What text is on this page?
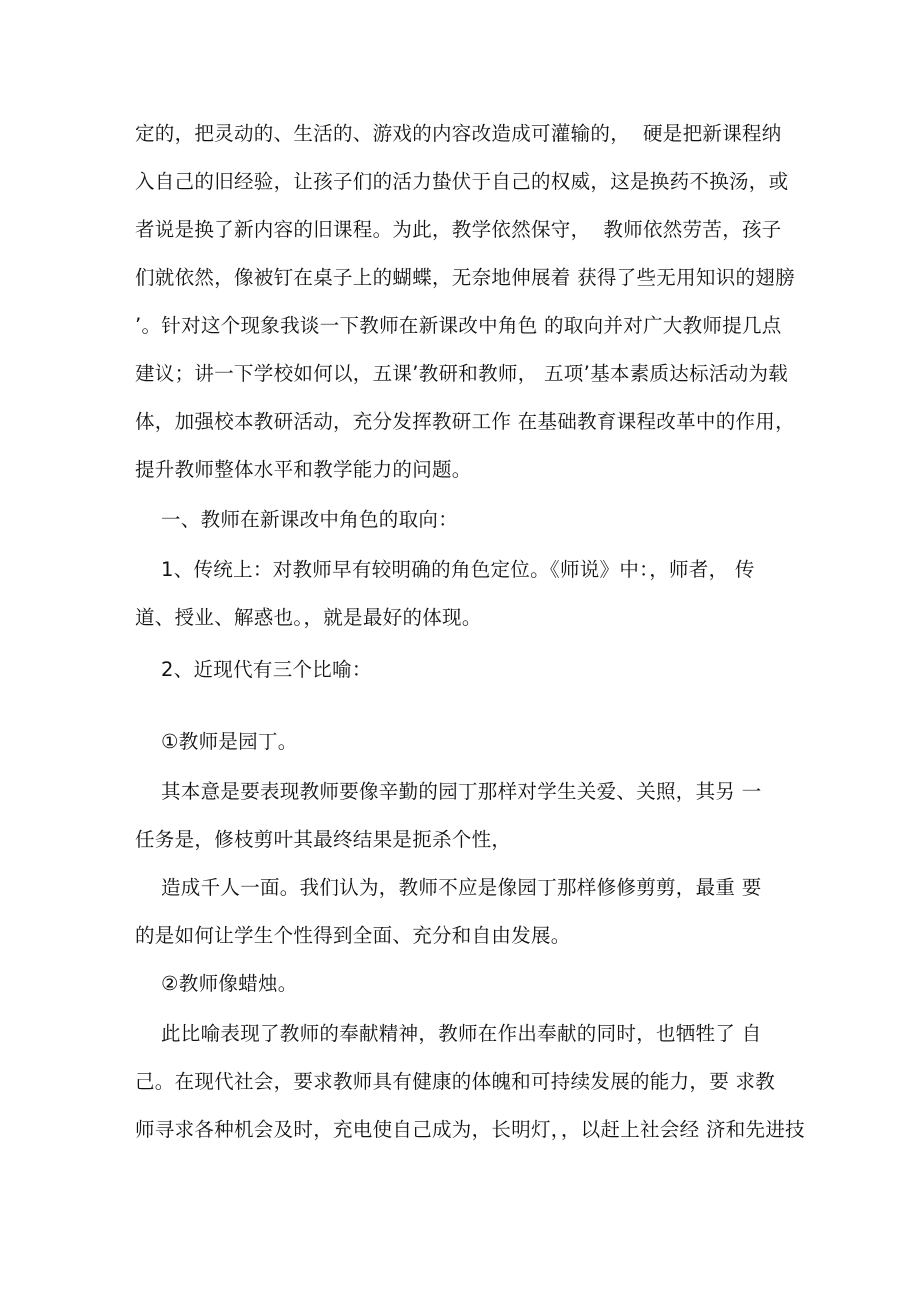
定的，把灵动的、生活的、游戏的内容改造成可灌输的，  硬是把新课程纳
入自己的旧经验，让孩子们的活力蛰伏于自己的权威，这是换药不换汤，或
者说是换了新内容的旧课程。为此，教学依然保守，  教师依然劳苦，孩子
们就依然，像被钉在桌子上的蝴蝶，无奈地伸展着 获得了些无用知识的翅膀
’。针对这个现象我谈一下教师在新课改中角色 的取向并对广大教师提几点
建议；讲一下学校如何以，五课’教研和教师， 五项’基本素质达标活动为载
体，加强校本教研活动，充分发挥教研工作 在基础教育课程改革中的作用，
提升教师整体水平和教学能力的问题。
一、教师在新课改中角色的取向：
1、传统上：对教师早有较明确的角色定位。《师说》中：，师者， 传
道、授业、解惑也。，就是最好的体现。
2、近现代有三个比喻：
①教师是园丁。
其本意是要表现教师要像辛勤的园丁那样对学生关爱、关照，其另 一
任务是，修枝剪叶其最终结果是扼杀个性，
造成千人一面。我们认为，教师不应是像园丁那样修修剪剪，最重 要
的是如何让学生个性得到全面、充分和自由发展。
②教师像蜡烛。
此比喻表现了教师的奉献精神，教师在作出奉献的同时，也牺牲了 自
己。在现代社会，要求教师具有健康的体魄和可持续发展的能力，要 求教
师寻求各种机会及时，充电使自己成为，长明灯，，以赶上社会经 济和先进技
